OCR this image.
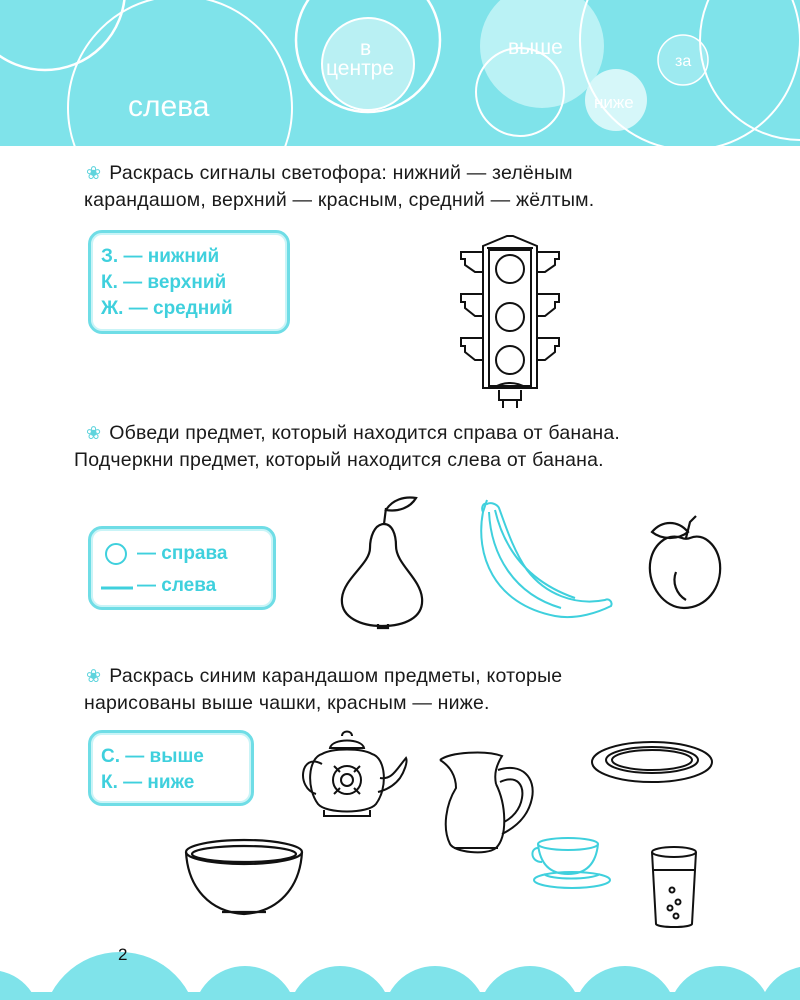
слева
в
центре
выше
за
ниже
❀ Раскрась сигналы светофора: нижний — зелёным
карандашом, верхний — красным, средний — жёлтым.
З. — нижний
К. — верхний
Ж. — средний
❀ Обведи предмет, который находится справа от банана.
Подчеркни предмет, который находится слева от банана.
— справа
— слева
❀ Раскрась синим карандашом предметы, которые
нарисованы выше чашки, красным — ниже.
С. — выше
К. — ниже
2
